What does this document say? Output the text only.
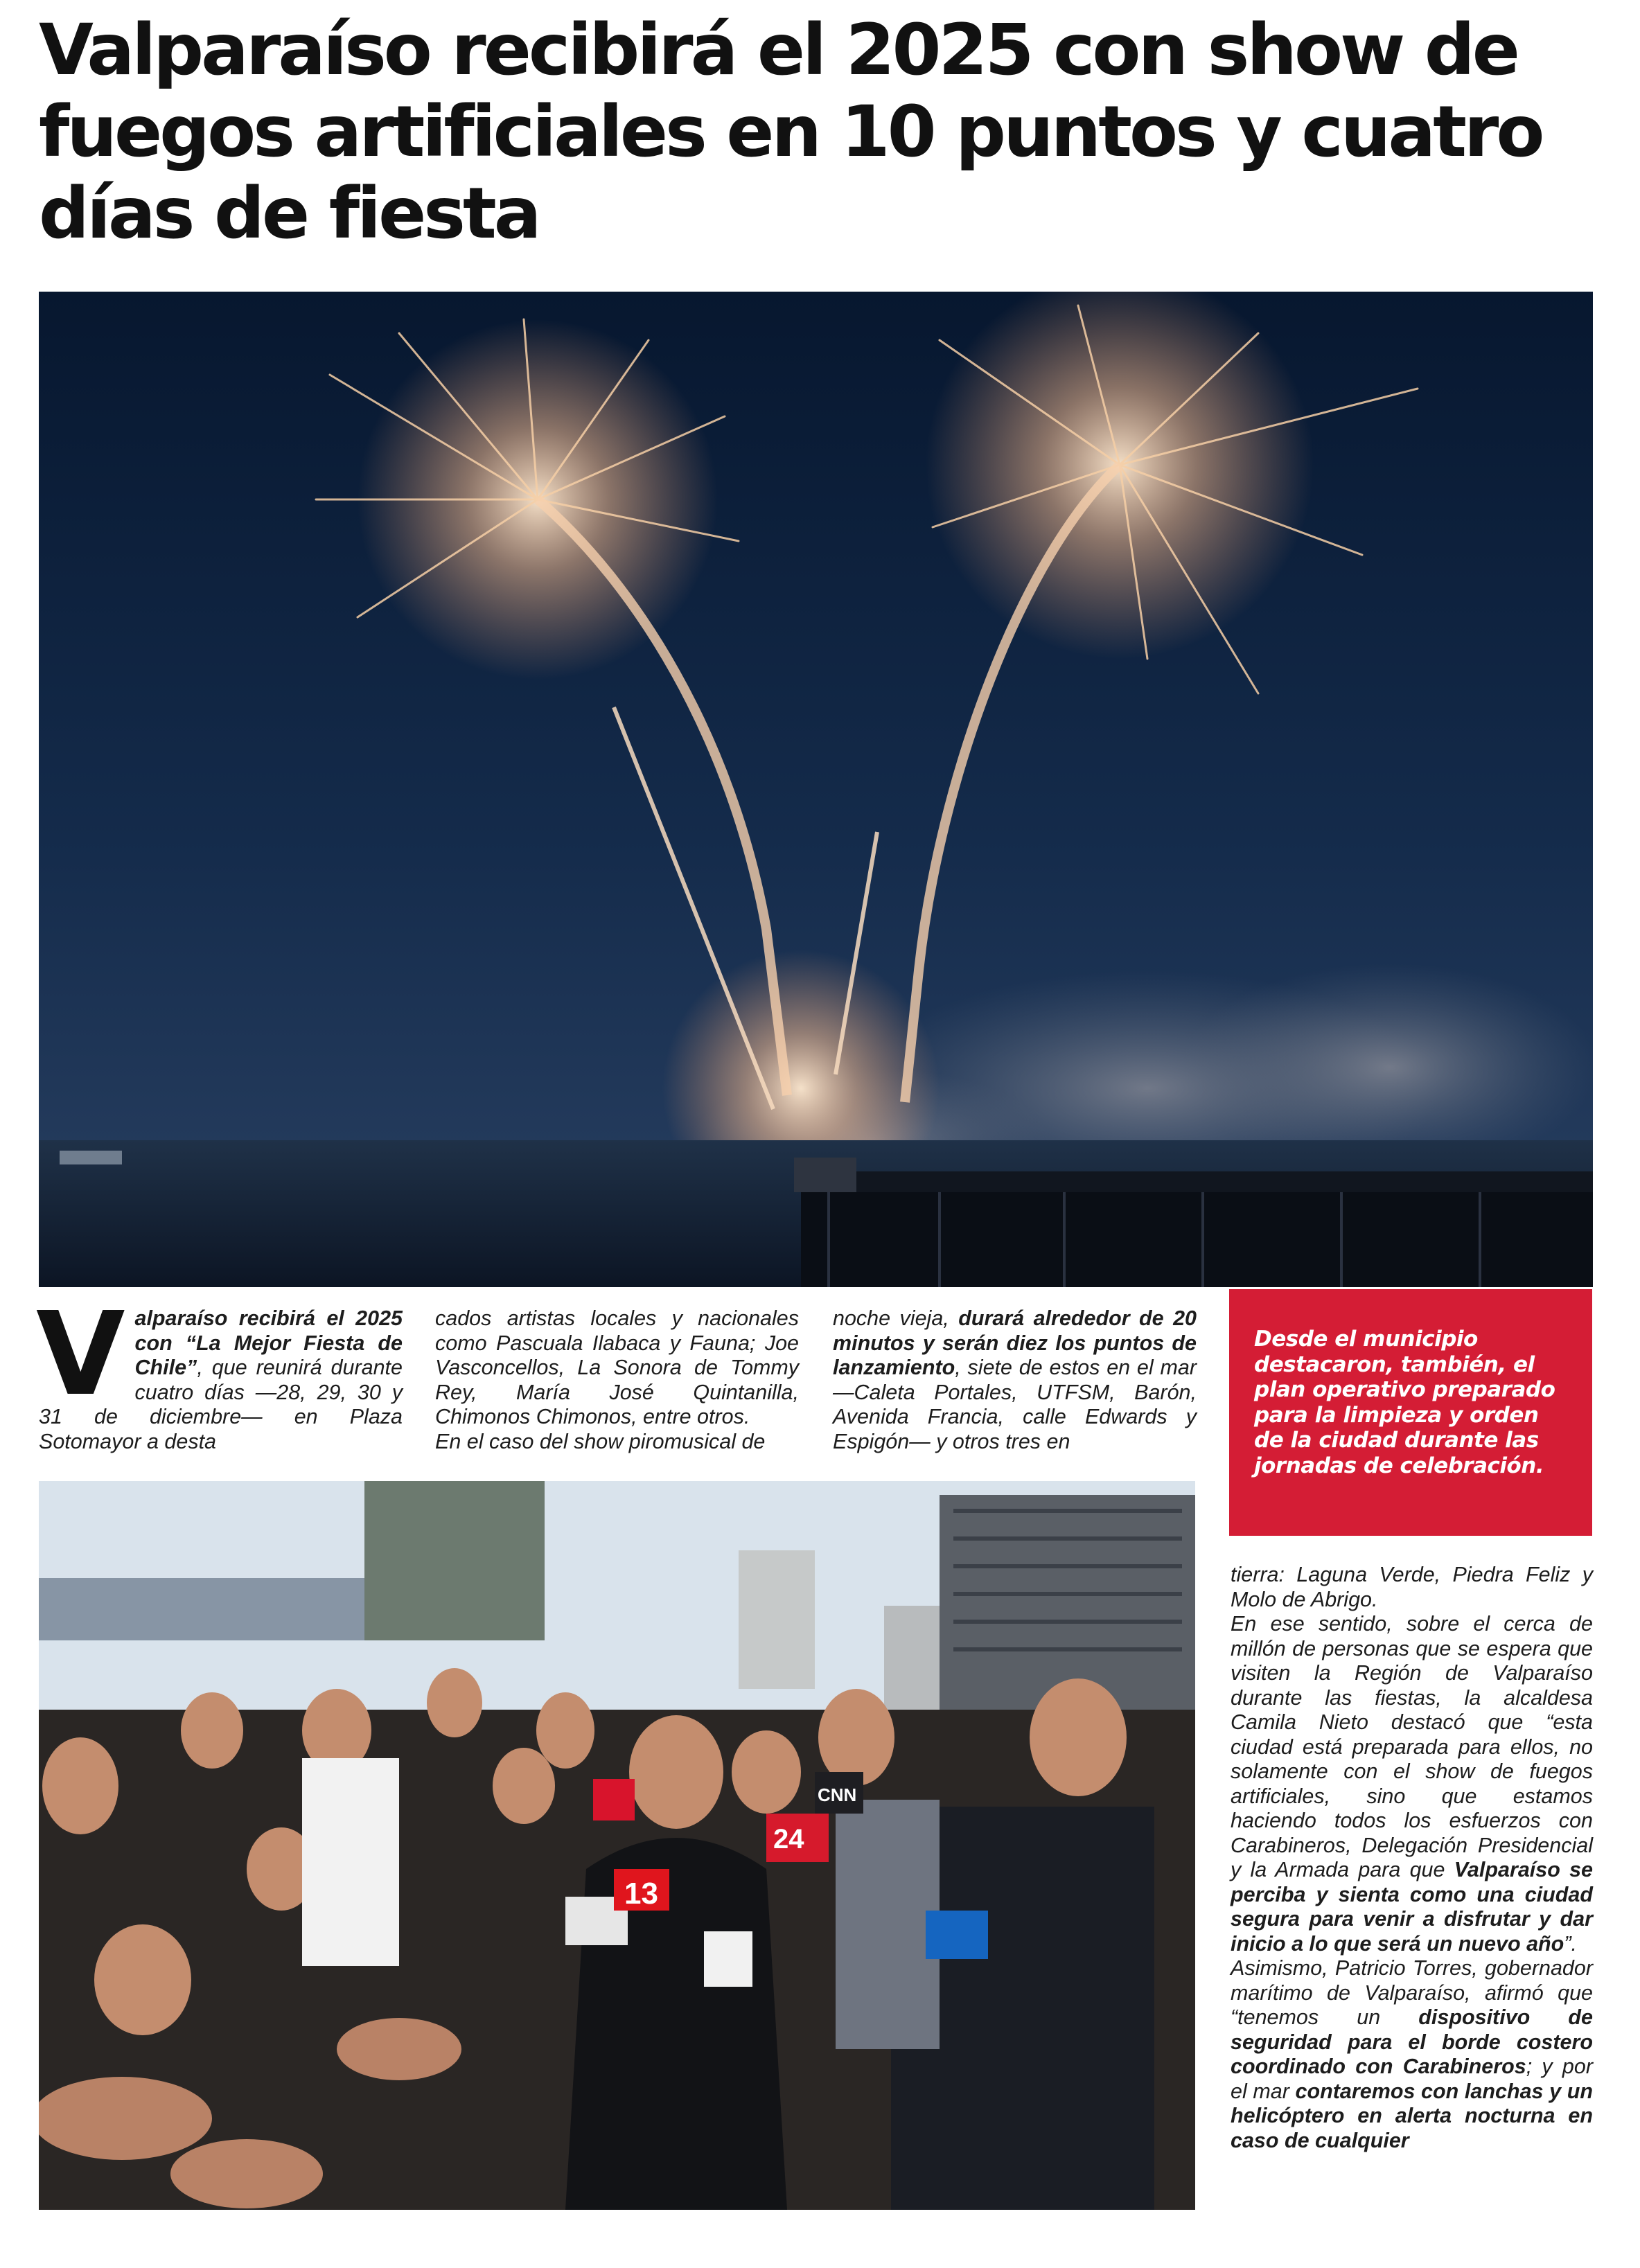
Valparaíso recibirá el 2025 con show de fuegos artificiales en 10 puntos y cuatro días de fiesta
V alparaíso recibirá el 2025 con “La Mejor Fiesta de Chile”, que reunirá durante cuatro días —28, 29, 30 y 31 de diciembre— en Plaza Sotomayor a desta

cados artistas locales y nacionales como Pascuala Ilabaca y Fauna; Joe Vasconcellos, La Sonora de Tommy Rey, María José Quintanilla, Chimonos Chimonos, entre otros.

En el caso del show piromusical de

noche vieja, durará alrededor de 20 minutos y serán diez los puntos de lanzamiento, siete de estos en el mar —Caleta Portales, UTFSM, Barón, Avenida Francia, calle Edwards y Espigón— y otros tres en

Desde el municipio destacaron, también, el plan operativo preparado para la limpieza y orden de la ciudad durante las jornadas de celebración.

13
24
CNN

tierra: Laguna Verde, Piedra Feliz y Molo de Abrigo.

En ese sentido, sobre el cerca de millón de personas que se espera que visiten la Región de Valparaíso durante las fiestas, la alcaldesa Camila Nieto destacó que “esta ciudad está preparada para ellos, no solamente con el show de fuegos artificiales, sino que estamos haciendo todos los esfuerzos con Carabineros, Delegación Presidencial y la Armada para que Valparaíso se perciba y sienta como una ciudad segura para venir a disfrutar y dar inicio a lo que será un nuevo año”.

Asimismo, Patricio Torres, gobernador marítimo de Valparaíso, afirmó que “tenemos un dispositivo de seguridad para el borde costero coordinado con Carabineros; y por el mar contaremos con lanchas y un helicóptero en alerta nocturna en caso de cualquier
